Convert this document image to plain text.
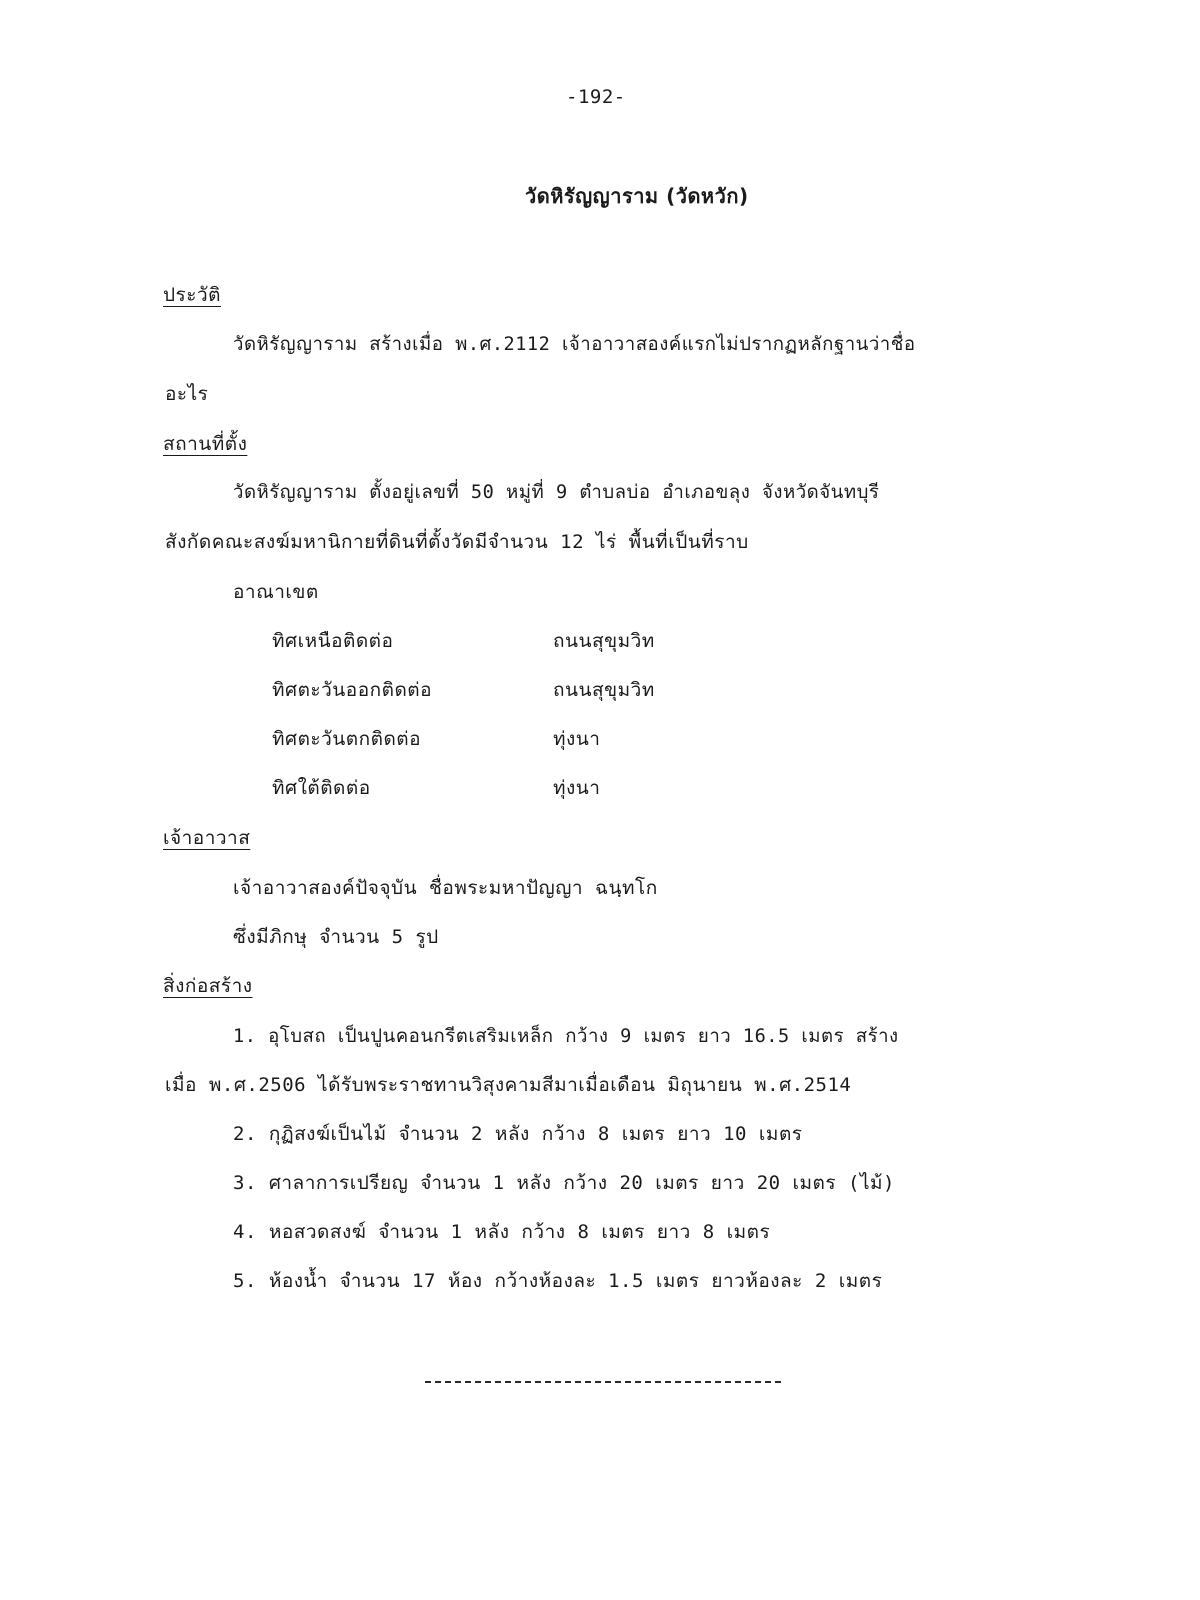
-192-
วัดหิรัญญาราม (วัดหวัก)
ประวัติ
วัดหิรัญญาราม สร้างเมื่อ พ.ศ.2112 เจ้าอาวาสองค์แรกไม่ปรากฏหลักฐานว่าชื่อ
อะไร
สถานที่ตั้ง
วัดหิรัญญาราม ตั้งอยู่เลขที่ 50 หมู่ที่ 9 ตำบลบ่อ อำเภอขลุง จังหวัดจันทบุรี
สังกัดคณะสงฆ์มหานิกายที่ดินที่ตั้งวัดมีจำนวน 12 ไร่ พื้นที่เป็นที่ราบ
อาณาเขต
ทิศเหนือติดต่อ	ถนนสุขุมวิท
ทิศตะวันออกติดต่อ	ถนนสุขุมวิท
ทิศตะวันตกติดต่อ	ทุ่งนา
ทิศใต้ติดต่อ	ทุ่งนา
เจ้าอาวาส
เจ้าอาวาสองค์ปัจจุบัน ชื่อพระมหาปัญญา ฉนฺทโก
ซึ่งมีภิกษุ จำนวน 5 รูป
สิ่งก่อสร้าง
1. อุโบสถ เป็นปูนคอนกรีตเสริมเหล็ก กว้าง 9 เมตร ยาว 16.5 เมตร สร้าง
เมื่อ พ.ศ.2506 ได้รับพระราชทานวิสุงคามสีมาเมื่อเดือน มิถุนายน พ.ศ.2514
2. กุฏิสงฆ์เป็นไม้ จำนวน 2 หลัง กว้าง 8 เมตร ยาว 10 เมตร
3. ศาลาการเปรียญ จำนวน 1 หลัง กว้าง 20 เมตร ยาว 20 เมตร (ไม้)
4. หอสวดสงฆ์ จำนวน 1 หลัง กว้าง 8 เมตร ยาว 8 เมตร
5. ห้องน้ำ จำนวน 17 ห้อง กว้างห้องละ 1.5 เมตร ยาวห้องละ 2 เมตร
